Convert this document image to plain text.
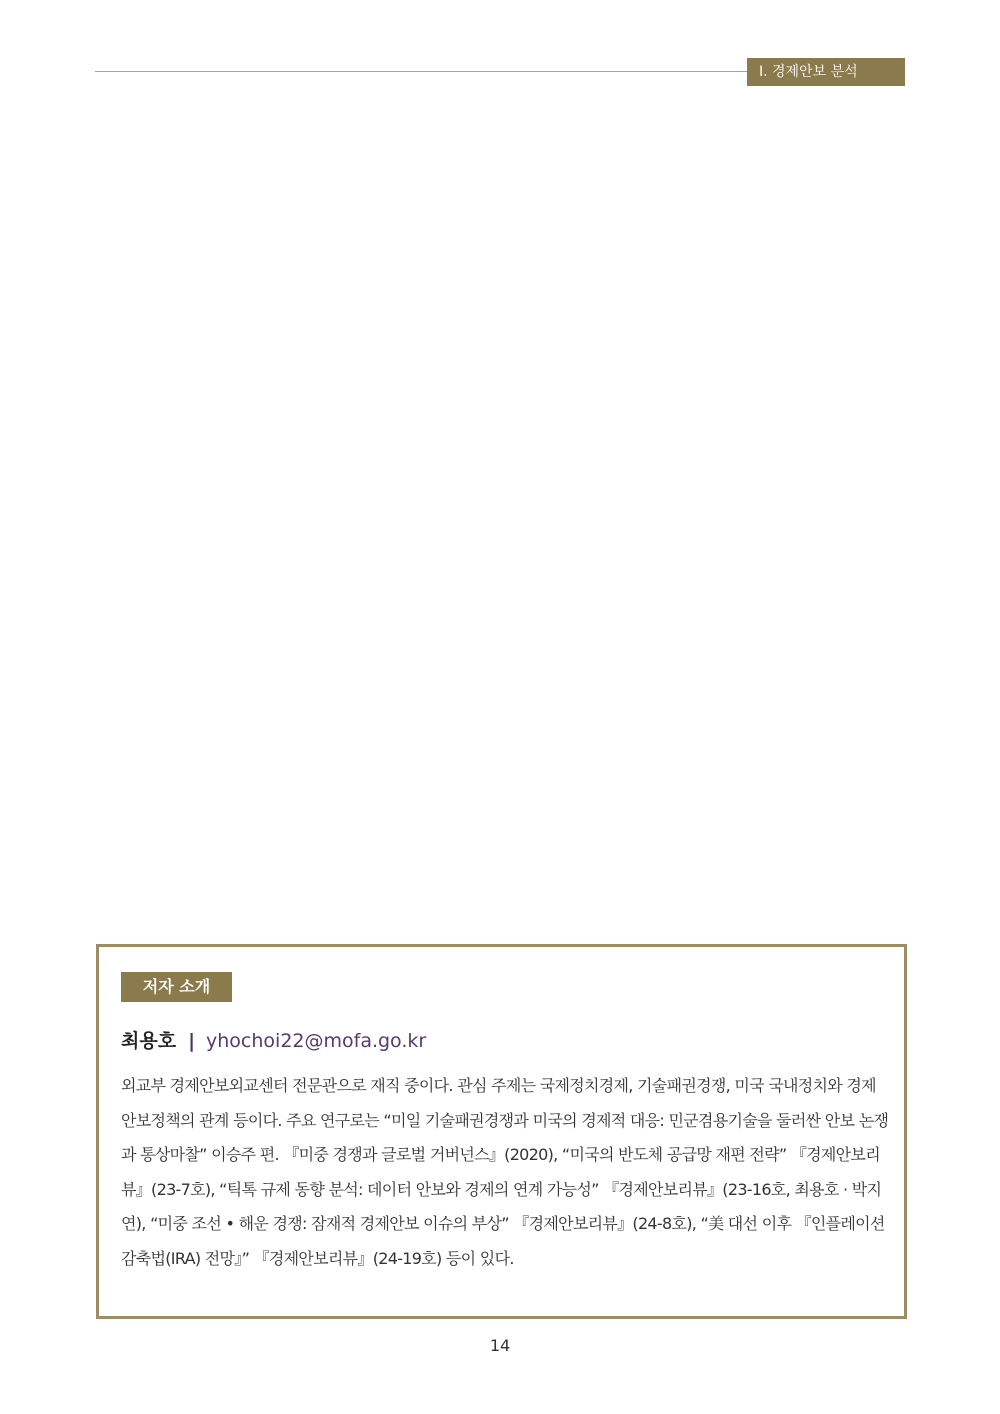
Ⅰ. 경제안보 분석
저자 소개
최용호 | yhochoi22@mofa.go.kr

외교부 경제안보외교센터 전문관으로 재직 중이다. 관심 주제는 국제정치경제, 기술패권경쟁, 미국 국내정치와 경제안보정책의 관계 등이다. 주요 연구로는 “미일 기술패권경쟁과 미국의 경제적 대응: 민군겸용기술을 둘러싼 안보 논쟁과 통상마찰” 이승주 편. 『미중 경쟁과 글로벌 거버넌스』(2020), “미국의 반도체 공급망 재편 전략” 『경제안보리뷰』(23-7호), “틱톡 규제 동향 분석: 데이터 안보와 경제의 연계 가능성” 『경제안보리뷰』(23-16호, 최용호 · 박지연), “미중 조선 • 해운 경쟁: 잠재적 경제안보 이슈의 부상” 『경제안보리뷰』(24-8호), “美 대선 이후 『인플레이션 감축법(IRA) 전망』” 『경제안보리뷰』(24-19호) 등이 있다.

14
